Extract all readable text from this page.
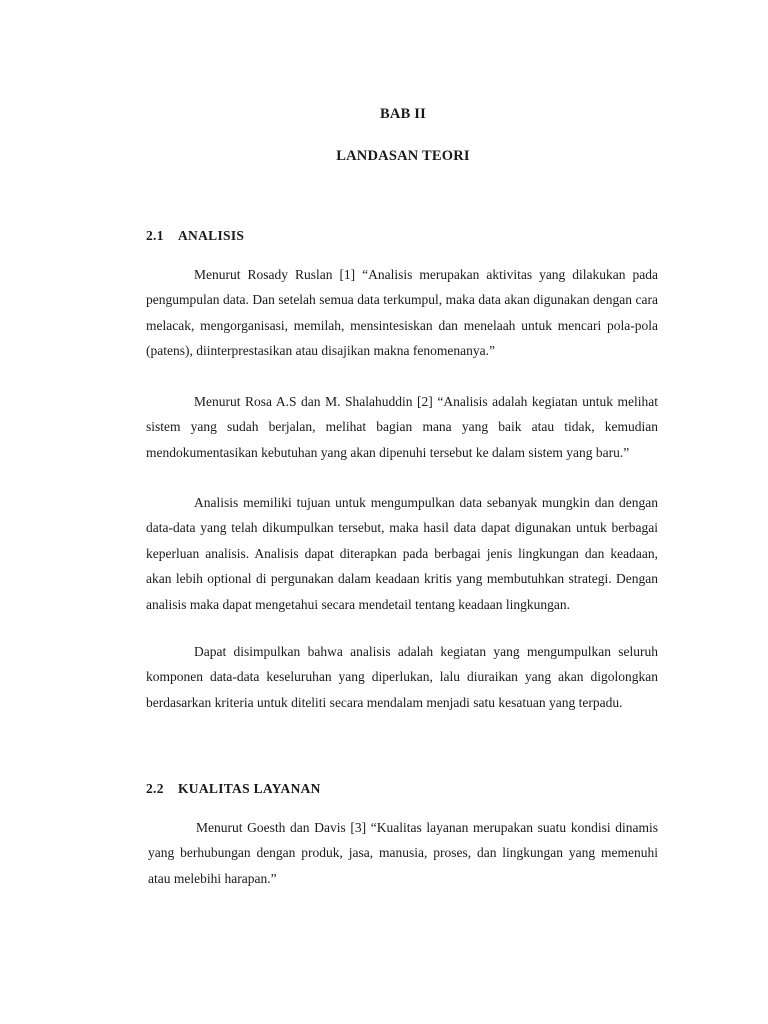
BAB II
LANDASAN TEORI
2.1 ANALISIS

Menurut Rosady Ruslan [1] “Analisis merupakan aktivitas yang dilakukan pada pengumpulan data. Dan setelah semua data terkumpul, maka data akan digunakan dengan cara melacak, mengorganisasi, memilah, mensintesiskan dan menelaah untuk mencari pola-pola (patens), diinterprestasikan atau disajikan makna fenomenanya.”

Menurut Rosa A.S dan M. Shalahuddin [2] “Analisis adalah kegiatan untuk melihat sistem yang sudah berjalan, melihat bagian mana yang baik atau tidak, kemudian mendokumentasikan kebutuhan yang akan dipenuhi tersebut ke dalam sistem yang baru.”

Analisis memiliki tujuan untuk mengumpulkan data sebanyak mungkin dan dengan data-data yang telah dikumpulkan tersebut, maka hasil data dapat digunakan untuk berbagai keperluan analisis. Analisis dapat diterapkan pada berbagai jenis lingkungan dan keadaan, akan lebih optional di pergunakan dalam keadaan kritis yang membutuhkan strategi. Dengan analisis maka dapat mengetahui secara mendetail tentang keadaan lingkungan.

Dapat disimpulkan bahwa analisis adalah kegiatan yang mengumpulkan seluruh komponen data-data keseluruhan yang diperlukan, lalu diuraikan yang akan digolongkan berdasarkan kriteria untuk diteliti secara mendalam menjadi satu kesatuan yang terpadu.

2.2 KUALITAS LAYANAN

Menurut Goesth dan Davis [3] “Kualitas layanan merupakan suatu kondisi dinamis yang berhubungan dengan produk, jasa, manusia, proses, dan lingkungan yang memenuhi atau melebihi harapan.”
